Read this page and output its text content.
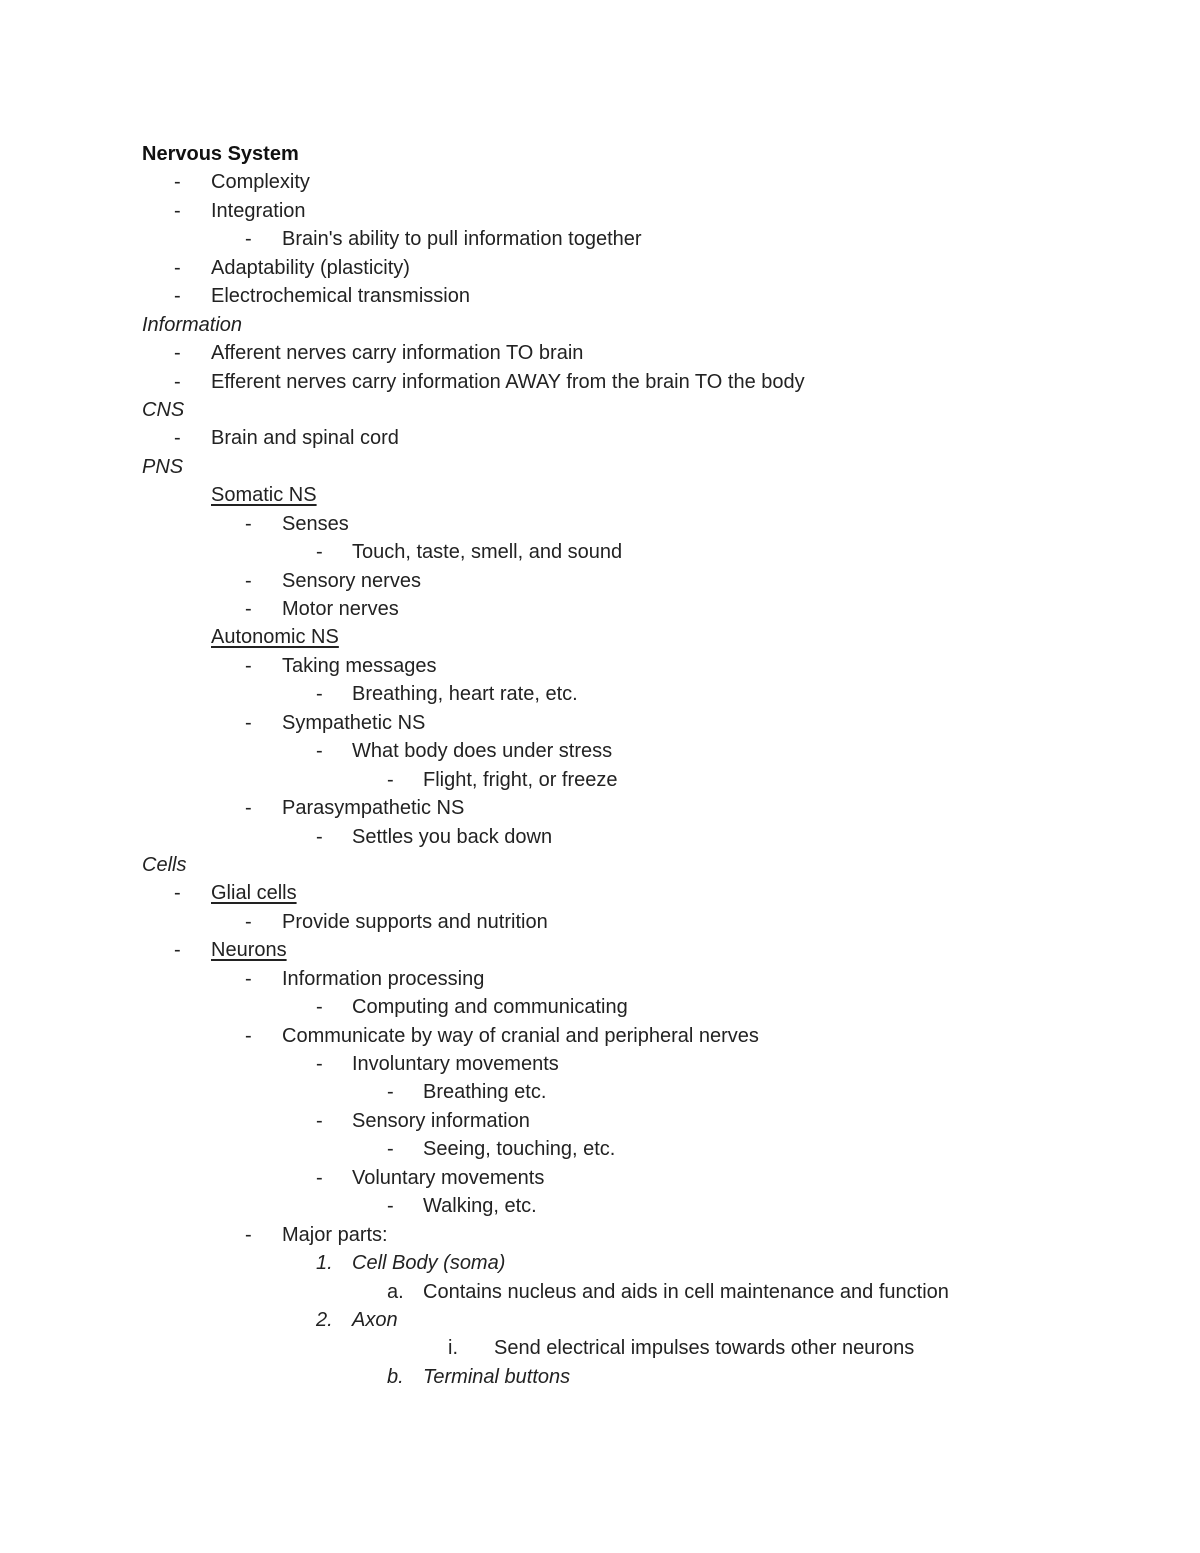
Nervous System
- Complexity
- Integration
- Brain's ability to pull information together
- Adaptability (plasticity)
- Electrochemical transmission
Information
- Afferent nerves carry information TO brain
- Efferent nerves carry information AWAY from the brain TO the body
CNS
- Brain and spinal cord
PNS
Somatic NS
- Senses
- Touch, taste, smell, and sound
- Sensory nerves
- Motor nerves
Autonomic NS
- Taking messages
- Breathing, heart rate, etc.
- Sympathetic NS
- What body does under stress
- Flight, fright, or freeze
- Parasympathetic NS
- Settles you back down
Cells
- Glial cells
- Provide supports and nutrition
- Neurons
- Information processing
- Computing and communicating
- Communicate by way of cranial and peripheral nerves
- Involuntary movements
- Breathing etc.
- Sensory information
- Seeing, touching, etc.
- Voluntary movements
- Walking, etc.
- Major parts:
1. Cell Body (soma)
a. Contains nucleus and aids in cell maintenance and function
2. Axon
i. Send electrical impulses towards other neurons
b. Terminal buttons
